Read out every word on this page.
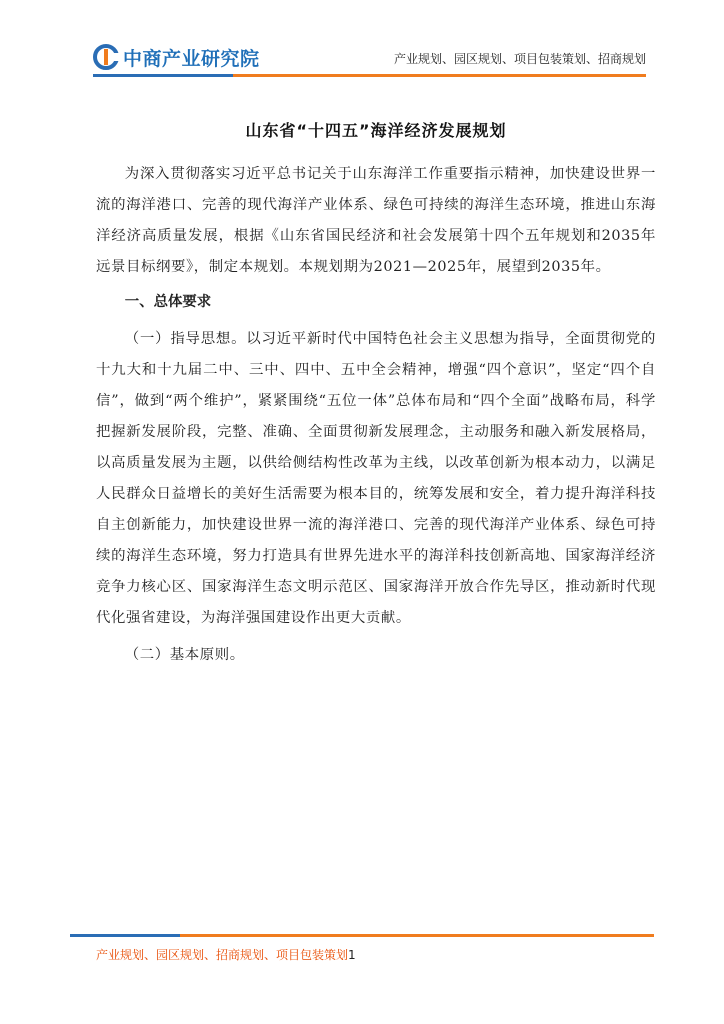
中商产业研究院	产业规划、园区规划、项目包装策划、招商规划
山东省“十四五”海洋经济发展规划

为深入贯彻落实习近平总书记关于山东海洋工作重要指示精神，加快建设世界一流的海洋港口、完善的现代海洋产业体系、绿色可持续的海洋生态环境，推进山东海洋经济高质量发展，根据《山东省国民经济和社会发展第十四个五年规划和2035年远景目标纲要》，制定本规划。本规划期为2021—2025年，展望到2035年。

一、总体要求

（一）指导思想。以习近平新时代中国特色社会主义思想为指导，全面贯彻党的十九大和十九届二中、三中、四中、五中全会精神，增强“四个意识”，坚定“四个自信”，做到“两个维护”，紧紧围绕“五位一体”总体布局和“四个全面”战略布局，科学把握新发展阶段，完整、准确、全面贯彻新发展理念，主动服务和融入新发展格局，以高质量发展为主题，以供给侧结构性改革为主线，以改革创新为根本动力，以满足人民群众日益增长的美好生活需要为根本目的，统筹发展和安全，着力提升海洋科技自主创新能力，加快建设世界一流的海洋港口、完善的现代海洋产业体系、绿色可持续的海洋生态环境，努力打造具有世界先进水平的海洋科技创新高地、国家海洋经济竞争力核心区、国家海洋生态文明示范区、国家海洋开放合作先导区，推动新时代现代化强省建设，为海洋强国建设作出更大贡献。

（二）基本原则。

产业规划、园区规划、招商规划、项目包装策划1
